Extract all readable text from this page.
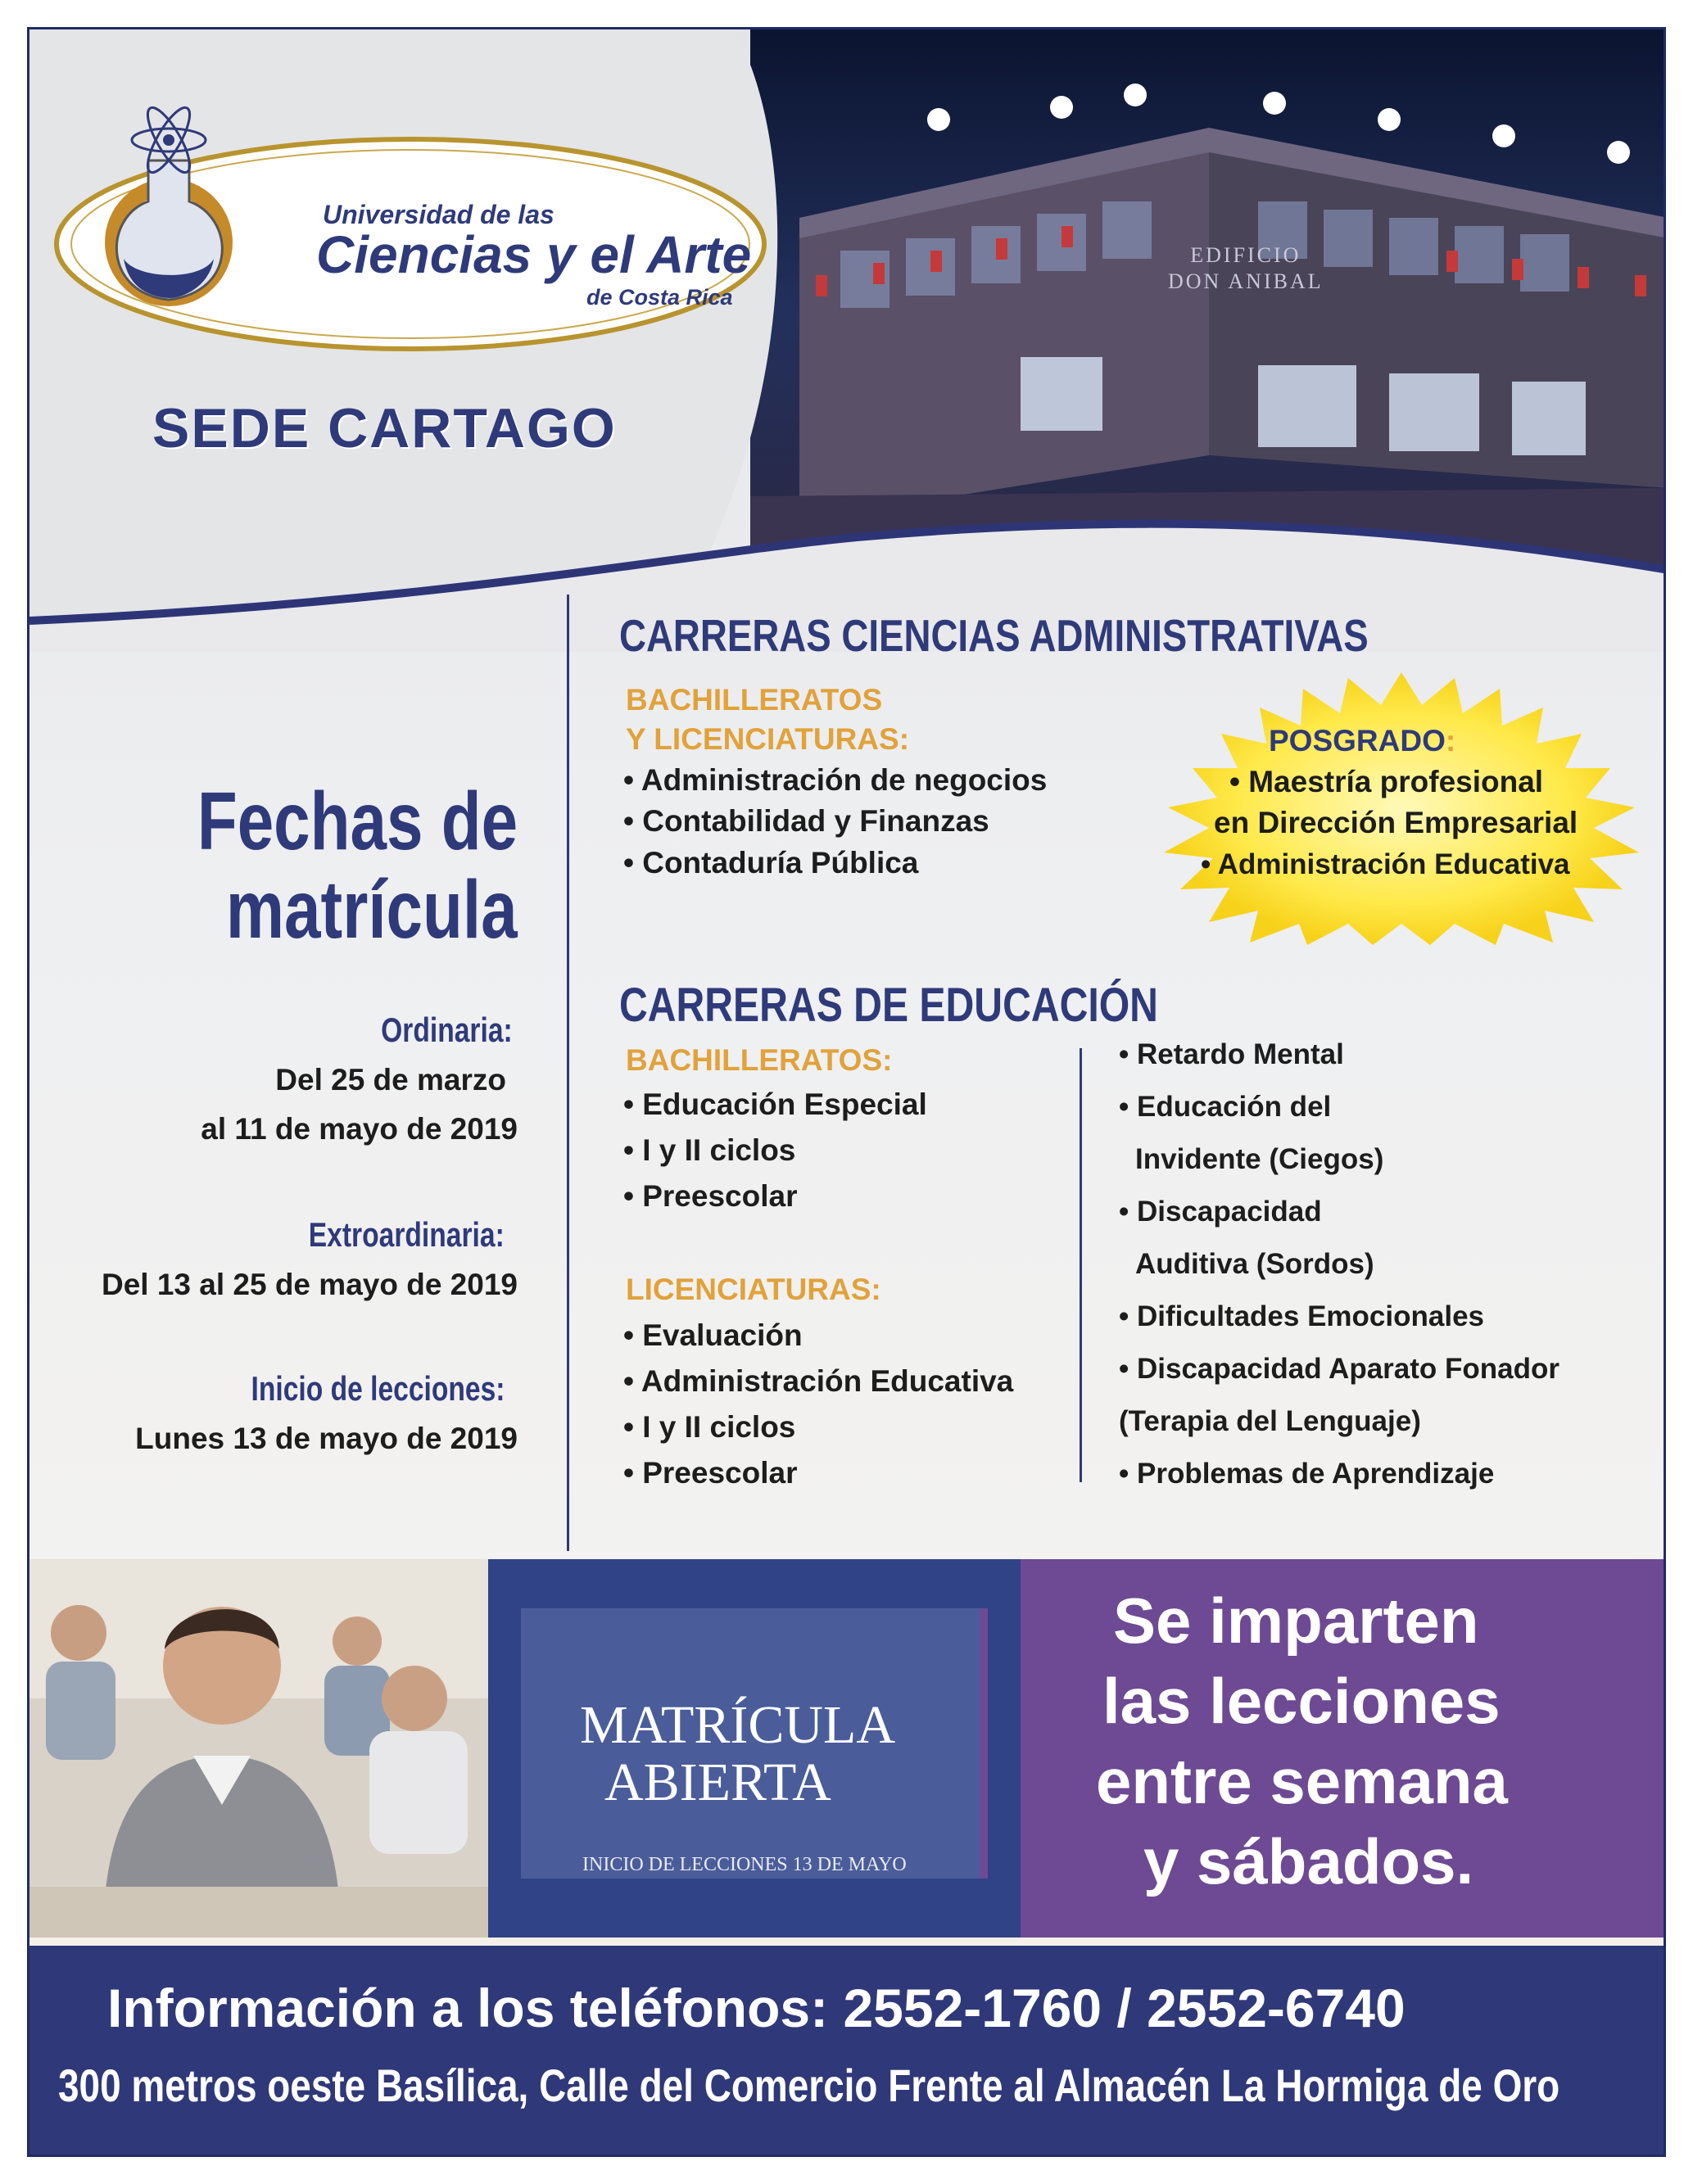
EDIFICIO
DON ANIBAL
Universidad de las
Ciencias y el Arte
de Costa Rica
SEDE CARTAGO
CARRERAS CIENCIAS ADMINISTRATIVAS
BACHILLERATOS
Y LICENCIATURAS:
• Administración de negocios
• Contabilidad y Finanzas
• Contaduría Pública
POSGRADO:
• Maestría profesional
en Dirección Empresarial
• Administración Educativa
Fechas de
matrícula
Ordinaria:
Del 25 de marzo
al 11 de mayo de 2019
Extroardinaria:
Del 13 al 25 de mayo de 2019
Inicio de lecciones:
Lunes 13 de mayo de 2019
CARRERAS DE EDUCACIÓN
BACHILLERATOS:
• Educación Especial
• I y II ciclos
• Preescolar
LICENCIATURAS:
• Evaluación
• Administración Educativa
• I y II ciclos
• Preescolar
• Retardo Mental
• Educación del
Invidente (Ciegos)
• Discapacidad
Auditiva (Sordos)
• Dificultades Emocionales
• Discapacidad Aparato Fonador
(Terapia del Lenguaje)
• Problemas de Aprendizaje
MATRÍCULA
ABIERTA
INICIO DE LECCIONES 13 DE MAYO
Se imparten
las lecciones
entre semana
y sábados.
Información a los teléfonos: 2552-1760 / 2552-6740
300 metros oeste Basílica, Calle del Comercio Frente al Almacén La Hormiga de Oro
